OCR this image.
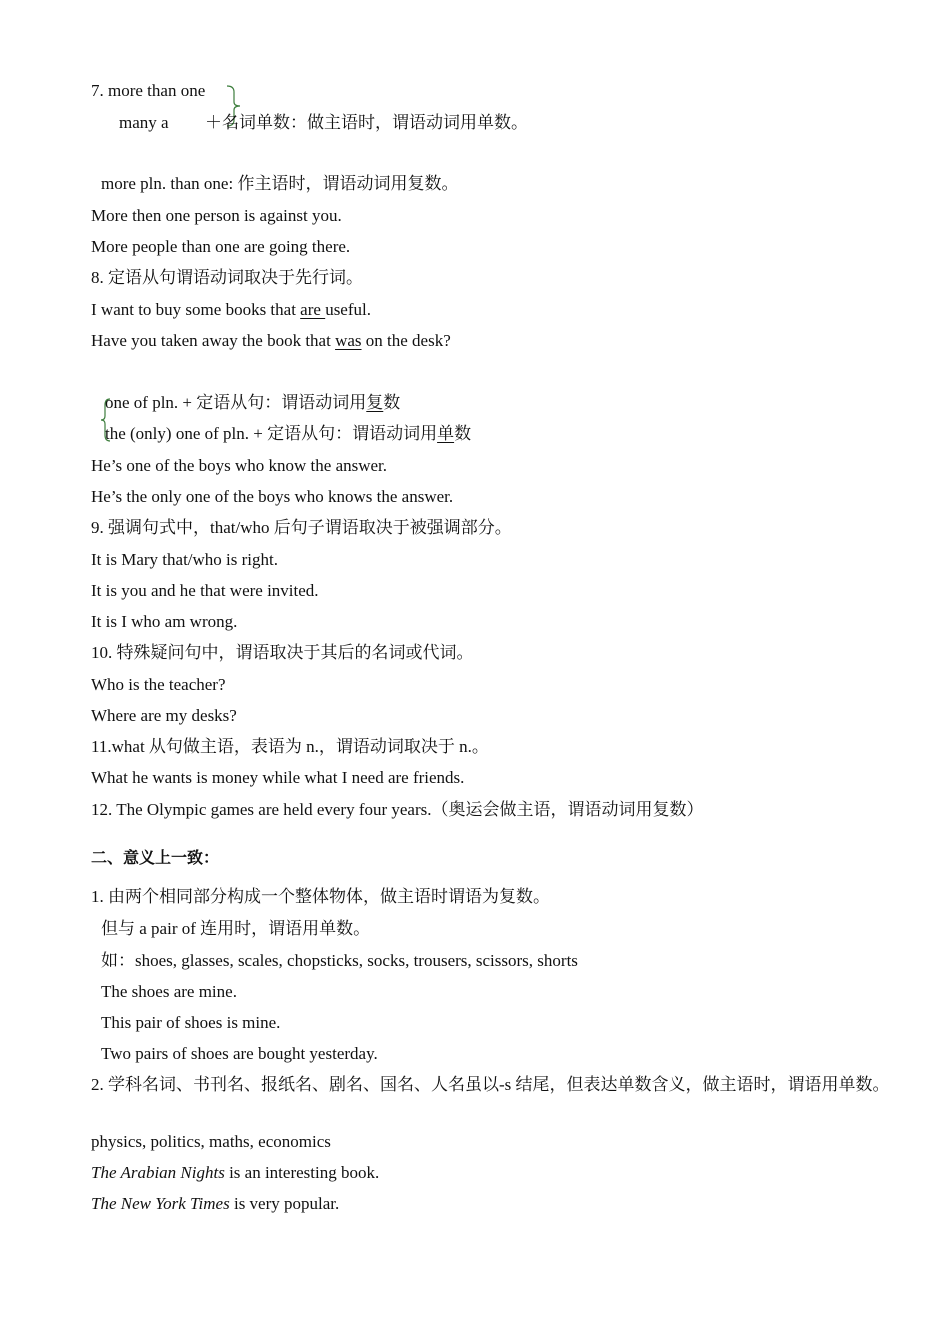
7. more than one
many a ＋名词单数：做主语时，谓语动词用单数。
more pln. than one: 作主语时，谓语动词用复数。
More then one person is against you.
More people than one are going there.
8. 定语从句谓语动词取决于先行词。
I want to buy some books that are useful.
Have you taken away the book that was on the desk?
one of pln. + 定语从句：谓语动词用复数
the (only) one of pln. + 定语从句：谓语动词用单数
He’s one of the boys who know the answer.
He’s the only one of the boys who knows the answer.
9. 强调句式中，that/who 后句子谓语取决于被强调部分。
It is Mary that/who is right.
It is you and he that were invited.
It is I who am wrong.
10. 特殊疑问句中，谓语取决于其后的名词或代词。
Who is the teacher?
Where are my desks?
11.what 从句做主语，表语为 n.，谓语动词取决于 n.。
What he wants is money while what I need are friends.
12. The Olympic games are held every four years.（奥运会做主语，谓语动词用复数）
二、意义上一致：
1. 由两个相同部分构成一个整体物体，做主语时谓语为复数。
但与 a pair of 连用时，谓语用单数。
如：shoes, glasses, scales, chopsticks, socks, trousers, scissors, shorts
The shoes are mine.
This pair of shoes is mine.
Two pairs of shoes are bought yesterday.
2. 学科名词、书刊名、报纸名、剧名、国名、人名虽以-s 结尾，但表达单数含义，做主语时，谓语用单数。
physics, politics, maths, economics
The Arabian Nights is an interesting book.
The New York Times is very popular.
